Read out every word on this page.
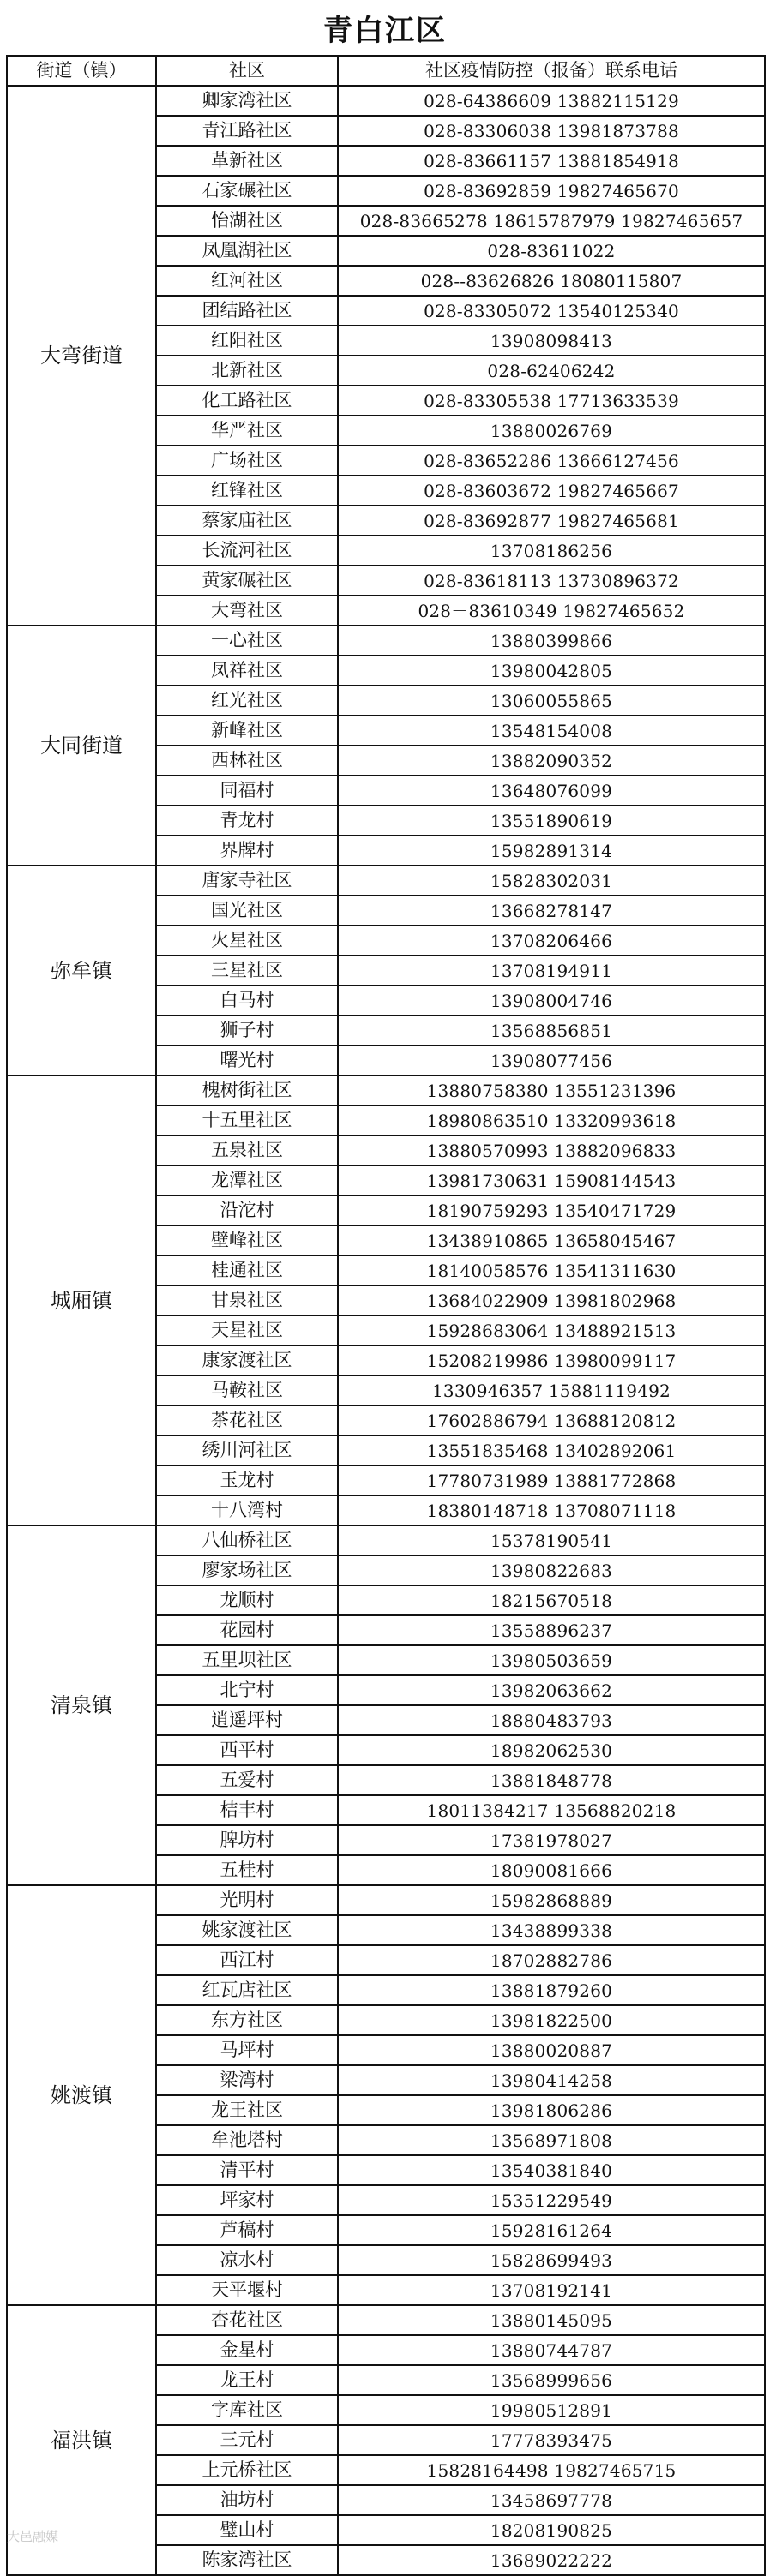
青白江区
街道（镇）	社区	社区疫情防控（报备）联系电话
大弯街道	卿家湾社区	028-64386609 13882115129
	青江路社区	028-83306038 13981873788
	革新社区	028-83661157 13881854918
	石家碾社区	028-83692859 19827465670
	怡湖社区	028-83665278 18615787979 19827465657
	凤凰湖社区	028-83611022
	红河社区	028--83626826 18080115807
	团结路社区	028-83305072 13540125340
	红阳社区	13908098413
	北新社区	028-62406242
	化工路社区	028-83305538 17713633539
	华严社区	13880026769
	广场社区	028-83652286 13666127456
	红锋社区	028-83603672 19827465667
	蔡家庙社区	028-83692877 19827465681
	长流河社区	13708186256
	黄家碾社区	028-83618113 13730896372
	大弯社区	028－83610349 19827465652
大同街道	一心社区	13880399866
	凤祥社区	13980042805
	红光社区	13060055865
	新峰社区	13548154008
	西林社区	13882090352
	同福村	13648076099
	青龙村	13551890619
	界牌村	15982891314
弥牟镇	唐家寺社区	15828302031
	国光社区	13668278147
	火星社区	13708206466
	三星社区	13708194911
	白马村	13908004746
	狮子村	13568856851
	曙光村	13908077456
城厢镇	槐树街社区	13880758380 13551231396
	十五里社区	18980863510 13320993618
	五泉社区	13880570993 13882096833
	龙潭社区	13981730631 15908144543
	沿沱村	18190759293 13540471729
	壁峰社区	13438910865 13658045467
	桂通社区	18140058576 13541311630
	甘泉社区	13684022909 13981802968
	天星社区	15928683064 13488921513
	康家渡社区	15208219986 13980099117
	马鞍社区	1330946357 15881119492
	茶花社区	17602886794 13688120812
	绣川河社区	13551835468 13402892061
	玉龙村	17780731989 13881772868
	十八湾村	18380148718 13708071118
清泉镇	八仙桥社区	15378190541
	廖家场社区	13980822683
	龙顺村	18215670518
	花园村	13558896237
	五里坝社区	13980503659
	北宁村	13982063662
	逍遥坪村	18880483793
	西平村	18982062530
	五爱村	13881848778
	桔丰村	18011384217 13568820218
	脾坊村	17381978027
	五桂村	18090081666
姚渡镇	光明村	15982868889
	姚家渡社区	13438899338
	西江村	18702882786
	红瓦店社区	13881879260
	东方社区	13981822500
	马坪村	13880020887
	梁湾村	13980414258
	龙王社区	13981806286
	牟池塔村	13568971808
	清平村	13540381840
	坪家村	15351229549
	芦稿村	15928161264
	凉水村	15828699493
	天平堰村	13708192141
福洪镇	杏花社区	13880145095
	金星村	13880744787
	龙王村	13568999656
	字库社区	19980512891
	三元村	17778393475
	上元桥社区	15828164498 19827465715
	油坊村	13458697778
	璧山村	18208190825
	陈家湾社区	13689022222
大邑融媒
